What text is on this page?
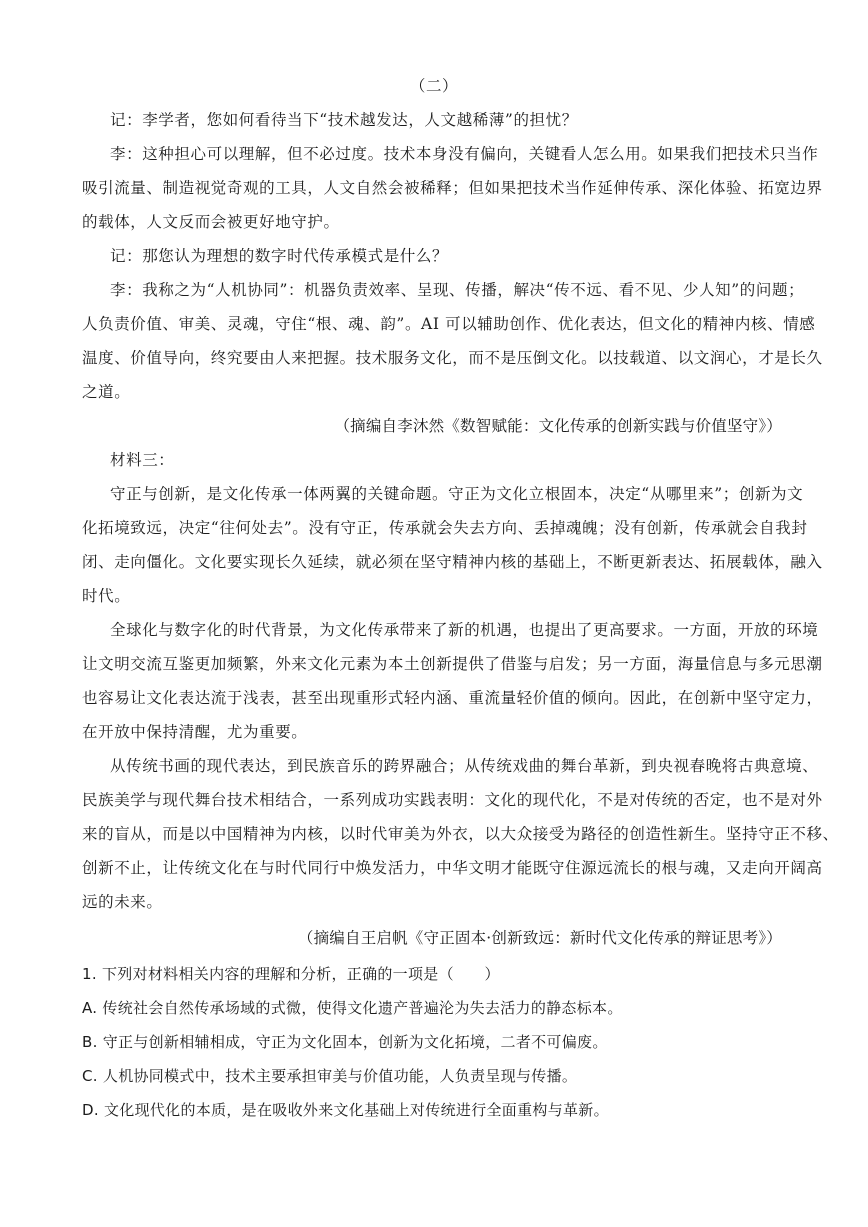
（二）
记：李学者，您如何看待当下“技术越发达，人文越稀薄”的担忧？
李：这种担心可以理解，但不必过度。技术本身没有偏向，关键看人怎么用。如果我们把技术只当作
吸引流量、制造视觉奇观的工具，人文自然会被稀释；但如果把技术当作延伸传承、深化体验、拓宽边界
的载体，人文反而会被更好地守护。
记：那您认为理想的数字时代传承模式是什么？
李：我称之为“人机协同”：机器负责效率、呈现、传播，解决“传不远、看不见、少人知”的问题；
人负责价值、审美、灵魂，守住“根、魂、韵”。AI 可以辅助创作、优化表达，但文化的精神内核、情感
温度、价值导向，终究要由人来把握。技术服务文化，而不是压倒文化。以技载道、以文润心，才是长久
之道。
（摘编自李沐然《数智赋能：文化传承的创新实践与价值坚守》）
材料三：
守正与创新，是文化传承一体两翼的关键命题。守正为文化立根固本，决定“从哪里来”；创新为文
化拓境致远，决定“往何处去”。没有守正，传承就会失去方向、丢掉魂魄；没有创新，传承就会自我封
闭、走向僵化。文化要实现长久延续，就必须在坚守精神内核的基础上，不断更新表达、拓展载体，融入
时代。
全球化与数字化的时代背景，为文化传承带来了新的机遇，也提出了更高要求。一方面，开放的环境
让文明交流互鉴更加频繁，外来文化元素为本土创新提供了借鉴与启发；另一方面，海量信息与多元思潮
也容易让文化表达流于浅表，甚至出现重形式轻内涵、重流量轻价值的倾向。因此，在创新中坚守定力，
在开放中保持清醒，尤为重要。
从传统书画的现代表达，到民族音乐的跨界融合；从传统戏曲的舞台革新，到央视春晚将古典意境、
民族美学与现代舞台技术相结合，一系列成功实践表明：文化的现代化，不是对传统的否定，也不是对外
来的盲从，而是以中国精神为内核，以时代审美为外衣，以大众接受为路径的创造性新生。坚持守正不移、
创新不止，让传统文化在与时代同行中焕发活力，中华文明才能既守住源远流长的根与魂，又走向开阔高
远的未来。
（摘编自王启帆《守正固本·创新致远：新时代文化传承的辩证思考》）
1. 下列对材料相关内容的理解和分析，正确的一项是（　　）
A. 传统社会自然传承场域的式微，使得文化遗产普遍沦为失去活力的静态标本。
B. 守正与创新相辅相成，守正为文化固本，创新为文化拓境，二者不可偏废。
C. 人机协同模式中，技术主要承担审美与价值功能，人负责呈现与传播。
D. 文化现代化的本质，是在吸收外来文化基础上对传统进行全面重构与革新。
